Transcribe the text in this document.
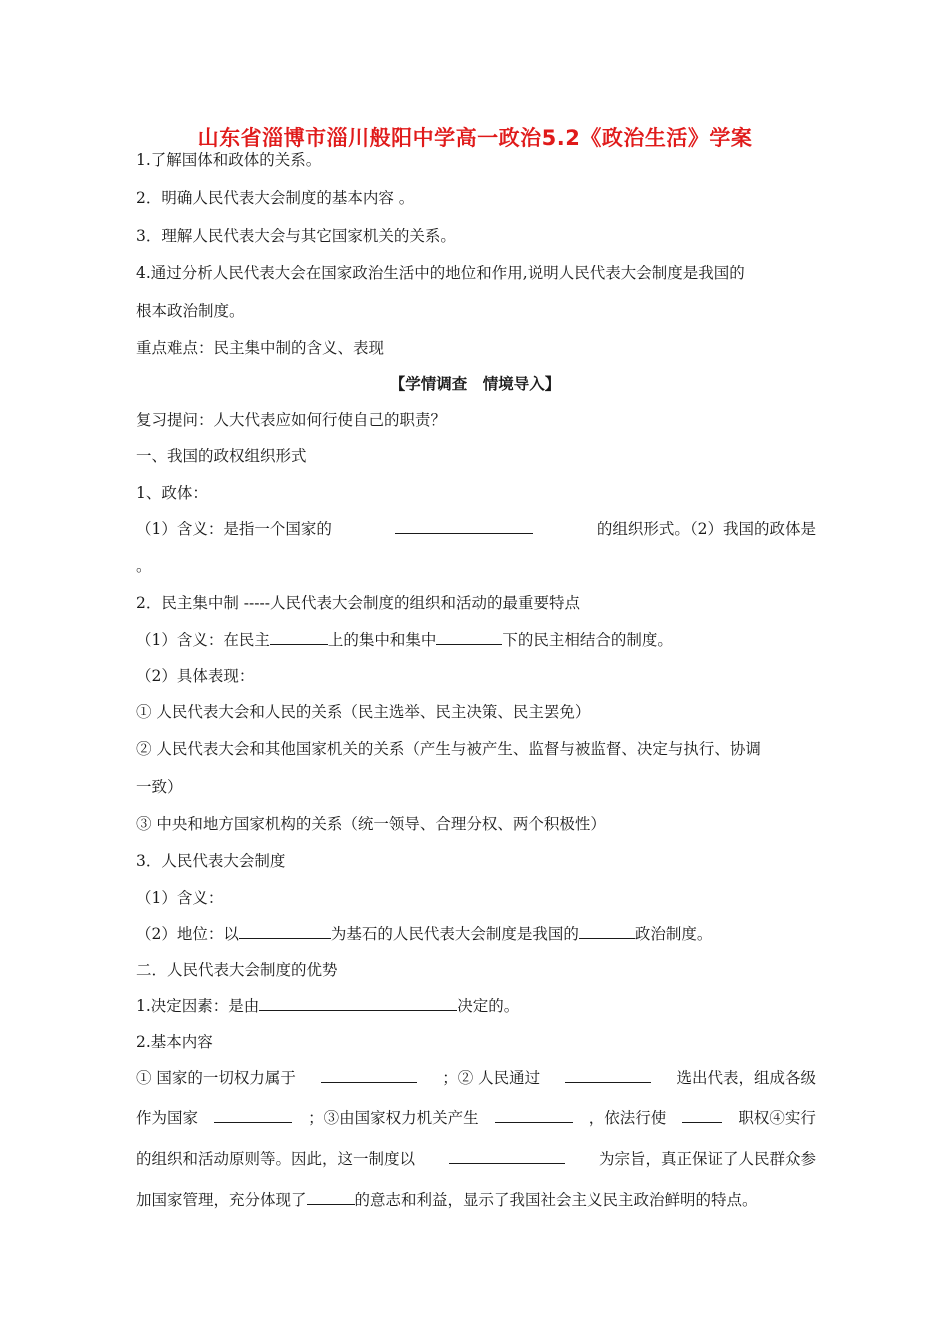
山东省淄博市淄川般阳中学高一政治5.2《政治生活》学案
1.了解国体和政体的关系。
2．明确人民代表大会制度的基本内容 。
3．理解人民代表大会与其它国家机关的关系。
4.通过分析人民代表大会在国家政治生活中的地位和作用,说明人民代表大会制度是我国的
根本政治制度。
重点难点：民主集中制的含义、表现
【学情调查　情境导入】
复习提问：人大代表应如何行使自己的职责？
一、我国的政权组织形式
1、政体：
（1）含义：是指一个国家的	的组织形式。（2）我国的政体是
。
2．民主集中制 -----人民代表大会制度的组织和活动的最重要特点
（1）含义：在民主	上的集中和集中	下的民主相结合的制度。
（2）具体表现：
① 人民代表大会和人民的关系（民主选举、民主决策、民主罢免）
② 人民代表大会和其他国家机关的关系（产生与被产生、监督与被监督、决定与执行、协调
一致）
③ 中央和地方国家机构的关系（统一领导、合理分权、两个积极性）
3．人民代表大会制度
（1）含义：
（2）地位：以	为基石的人民代表大会制度是我国的	政治制度。
二．人民代表大会制度的优势
1.决定因素：是由	决定的。
2.基本内容
① 国家的一切权力属于	；② 人民通过	选出代表，组成各级
作为国家	；③由国家权力机关产生	，依法行使	职权④实行
的组织和活动原则等。因此，这一制度以	为宗旨，真正保证了人民群众参
加国家管理，充分体现了	的意志和利益，显示了我国社会主义民主政治鲜明的特点。
